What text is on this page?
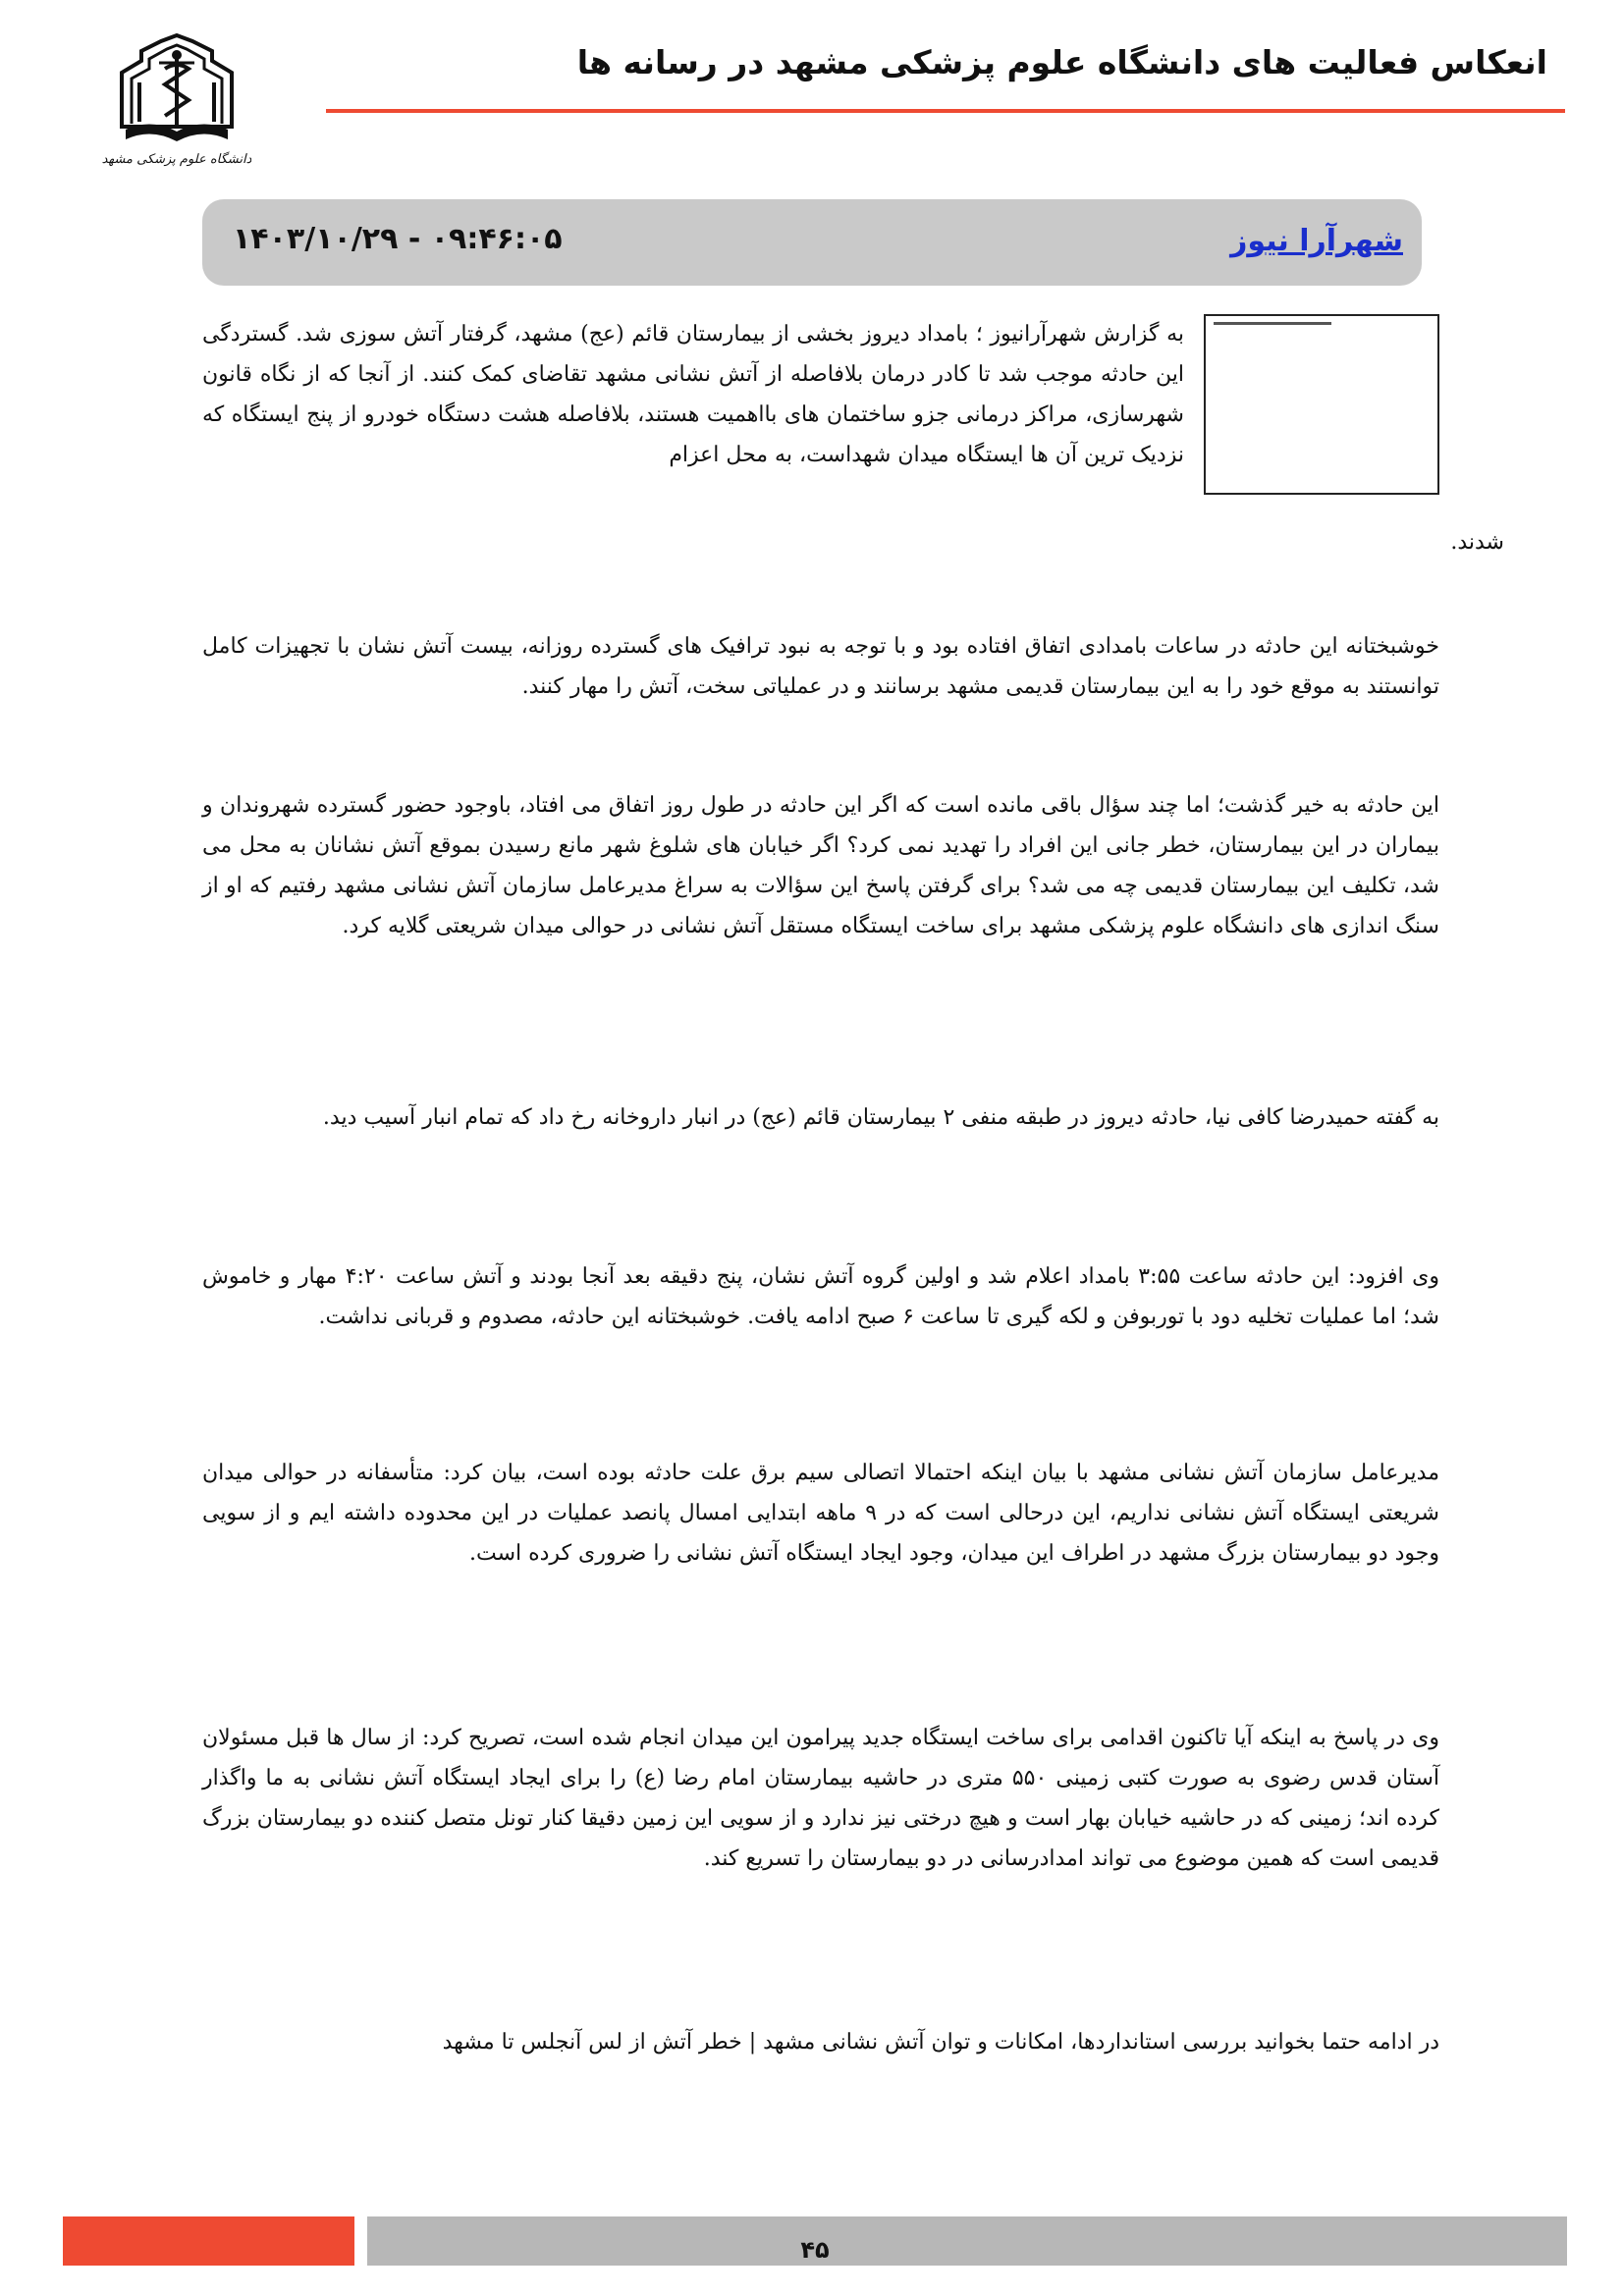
انعکاس فعالیت های دانشگاه علوم پزشکی مشهد در رسانه ها
دانشگاه علوم پزشکی مشهد
شهرآرا نیوز
۱۴۰۳/۱۰/۲۹ - ۰۹:۴۶:۰۵
به گزارش شهرآرانیوز ؛ بامداد دیروز بخشی از بیمارستان قائم (عج) مشهد، گرفتار آتش سوزی شد. گستردگی این حادثه موجب شد تا کادر درمان بلافاصله از آتش نشانی مشهد تقاضای کمک کنند. از آنجا که از نگاه قانون شهرسازی، مراکز درمانی جزو ساختمان های بااهمیت هستند، بلافاصله هشت دستگاه خودرو از پنج ایستگاه که نزدیک ترین آن ها ایستگاه میدان شهداست، به محل اعزام
شدند.
خوشبختانه این حادثه در ساعات بامدادی اتفاق افتاده بود و با توجه به نبود ترافیک های گسترده روزانه، بیست آتش نشان با تجهیزات کامل توانستند به موقع خود را به این بیمارستان قدیمی مشهد برسانند و در عملیاتی سخت، آتش را مهار کنند.
این حادثه به خیر گذشت؛ اما چند سؤال باقی مانده است که اگر این حادثه در طول روز اتفاق می افتاد، باوجود حضور گسترده شهروندان و بیماران در این بیمارستان، خطر جانی این افراد را تهدید نمی کرد؟ اگر خیابان های شلوغ شهر مانع رسیدن بموقع آتش نشانان به محل می شد، تکلیف این بیمارستان قدیمی چه می شد؟ برای گرفتن پاسخ این سؤالات به سراغ مدیرعامل سازمان آتش نشانی مشهد رفتیم که او از سنگ اندازی های دانشگاه علوم پزشکی مشهد برای ساخت ایستگاه مستقل آتش نشانی در حوالی میدان شریعتی گلایه کرد.
به گفته حمیدرضا کافی نیا، حادثه دیروز در طبقه منفی ۲ بیمارستان قائم (عج) در انبار داروخانه رخ داد که تمام انبار آسیب دید.
وی افزود: این حادثه ساعت ۳:۵۵ بامداد اعلام شد و اولین گروه آتش نشان، پنج دقیقه بعد آنجا بودند و آتش ساعت ۴:۲۰ مهار و خاموش شد؛ اما عملیات تخلیه دود با توربوفن و لکه گیری تا ساعت ۶ صبح ادامه یافت. خوشبختانه این حادثه، مصدوم و قربانی نداشت.
مدیرعامل سازمان آتش نشانی مشهد با بیان اینکه احتمالا اتصالی سیم برق علت حادثه بوده است، بیان کرد: متأسفانه در حوالی میدان شریعتی ایستگاه آتش نشانی نداریم، این درحالی است که در ۹ ماهه ابتدایی امسال پانصد عملیات در این محدوده داشته ایم و از سویی وجود دو بیمارستان بزرگ مشهد در اطراف این میدان، وجود ایجاد ایستگاه آتش نشانی را ضروری کرده است.
وی در پاسخ به اینکه آیا تاکنون اقدامی برای ساخت ایستگاه جدید پیرامون این میدان انجام شده است، تصریح کرد: از سال ها قبل مسئولان آستان قدس رضوی به صورت کتبی زمینی ۵۵۰ متری در حاشیه بیمارستان امام رضا (ع) را برای ایجاد ایستگاه آتش نشانی به ما واگذار کرده اند؛ زمینی که در حاشیه خیابان بهار است و هیچ درختی نیز ندارد و از سویی این زمین دقیقا کنار تونل متصل کننده دو بیمارستان بزرگ قدیمی است که همین موضوع می تواند امدادرسانی در دو بیمارستان را تسریع کند.
در ادامه حتما بخوانید بررسی استانداردها، امکانات و توان آتش نشانی مشهد | خطر آتش از لس آنجلس تا مشهد
۴۵
